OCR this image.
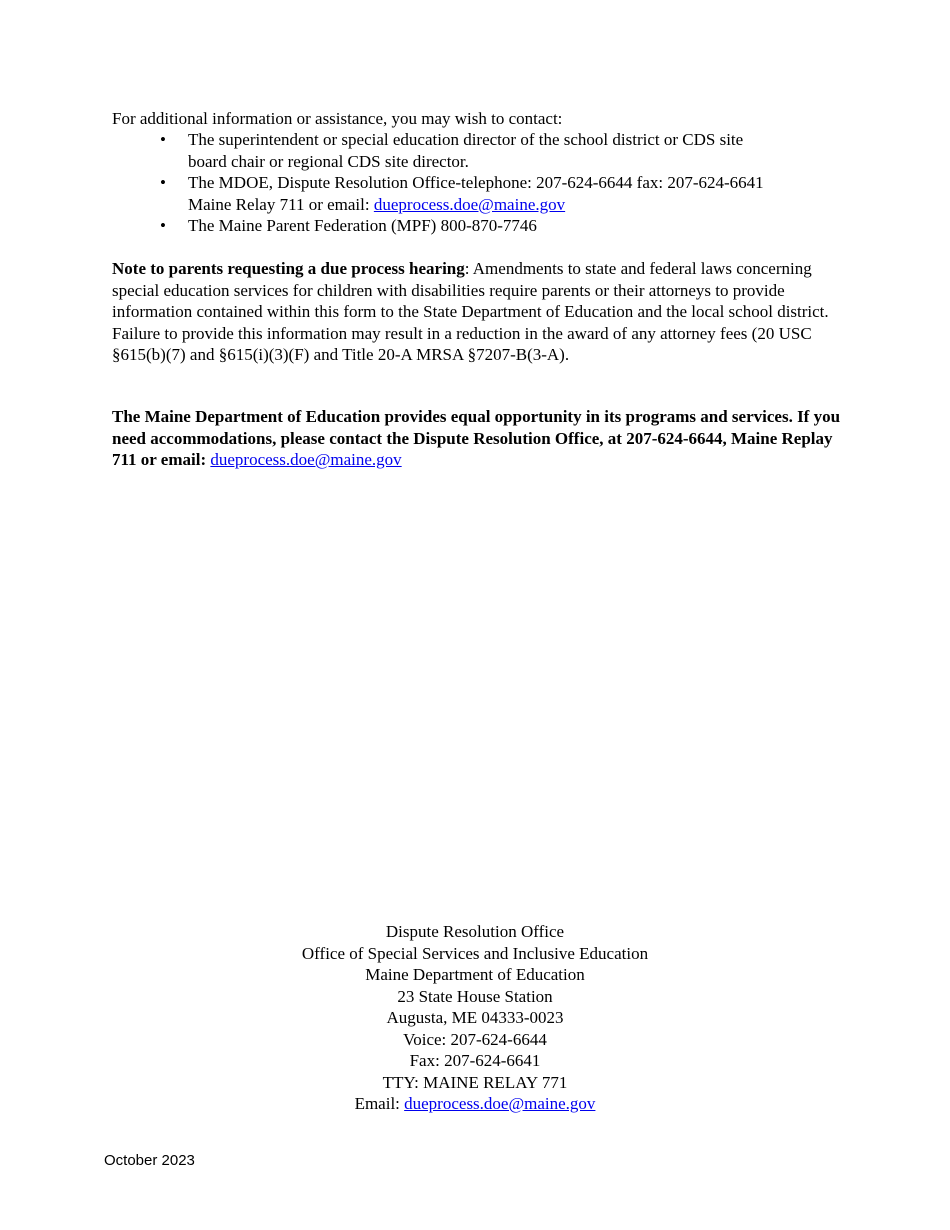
For additional information or assistance, you may wish to contact:
• The superintendent or special education director of the school district or CDS site board chair or regional CDS site director.
• The MDOE, Dispute Resolution Office-telephone: 207-624-6644 fax: 207-624-6641 Maine Relay 711 or email: dueprocess.doe@maine.gov
• The Maine Parent Federation (MPF) 800-870-7746
Note to parents requesting a due process hearing: Amendments to state and federal laws concerning special education services for children with disabilities require parents or their attorneys to provide information contained within this form to the State Department of Education and the local school district. Failure to provide this information may result in a reduction in the award of any attorney fees (20 USC §615(b)(7) and §615(i)(3)(F) and Title 20-A MRSA §7207-B(3-A).
The Maine Department of Education provides equal opportunity in its programs and services. If you need accommodations, please contact the Dispute Resolution Office, at 207-624-6644, Maine Replay 711 or email: dueprocess.doe@maine.gov
Dispute Resolution Office
Office of Special Services and Inclusive Education
Maine Department of Education
23 State House Station
Augusta, ME 04333-0023
Voice: 207-624-6644
Fax: 207-624-6641
TTY: MAINE RELAY 771
Email: dueprocess.doe@maine.gov
October 2023
